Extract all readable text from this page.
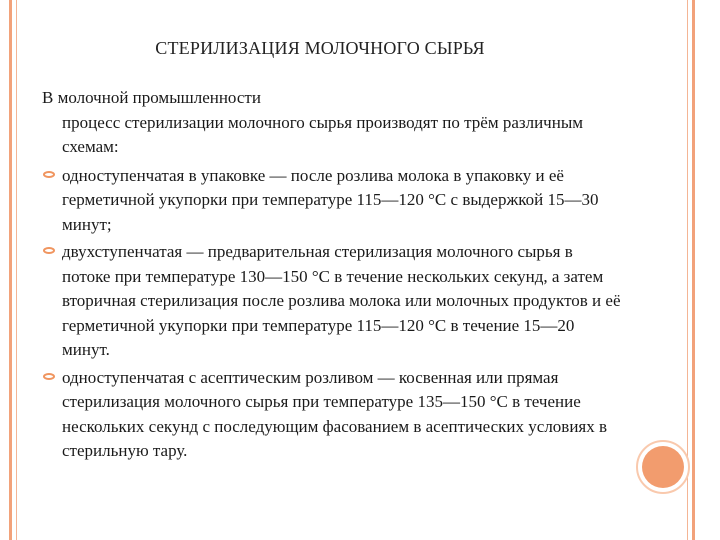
СТЕРИЛИЗАЦИЯ МОЛОЧНОГО СЫРЬЯ

В молочной промышленности
процесс стерилизации молочного сырья производят по трём различным схемам:

одноступенчатая в упаковке — после розлива молока в упаковку и её герметичной укупорки при температуре 115—120 °С с выдержкой 15—30 минут;
двухступенчатая — предварительная стерилизация молочного сырья в потоке при температуре 130—150 °С в течение нескольких секунд, а затем вторичная стерилизация после розлива молока или молочных продуктов и её герметичной укупорки при температуре 115—120 °С в течение 15—20 минут.
одноступенчатая с асептическим розливом — косвенная или прямая стерилизация молочного сырья при температуре 135—150 °С в течение нескольких секунд с последующим фасованием в асептических условиях в стерильную тару.
